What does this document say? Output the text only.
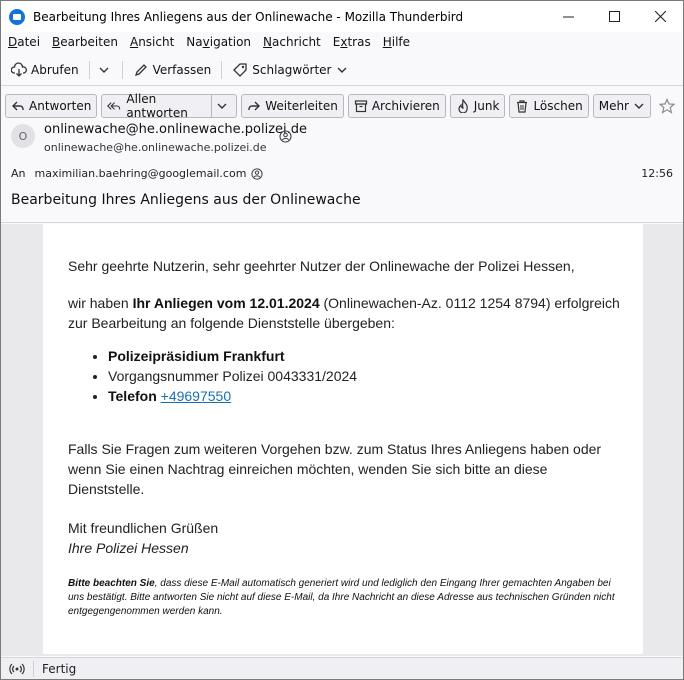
Bearbeitung Ihres Anliegens aus der Onlinewache - Mozilla Thunderbird
Datei Bearbeiten Ansicht Navigation Nachricht Extras Hilfe
Abrufen	Verfassen	Schlagwörter
Antworten	Allen antworten	Weiterleiten	Archivieren	Junk	Löschen Mehr
O	onlinewache@he.onlinewache.polizei.de
onlinewache@he.onlinewache.polizei.de
An maximilian.baehring@googlemail.com	12:56
Bearbeitung Ihres Anliegens aus der Onlinewache

Sehr geehrte Nutzerin, sehr geehrter Nutzer der Onlinewache der Polizei Hessen,

wir haben Ihr Anliegen vom 12.01.2024 (Onlinewachen-Az. 0112 1254 8794) erfolgreich zur Bearbeitung an folgende Dienststelle übergeben:

• Polizeipräsidium Frankfurt
• Vorgangsnummer Polizei 0043331/2024
• Telefon +49697550

Falls Sie Fragen zum weiteren Vorgehen bzw. zum Status Ihres Anliegens haben oder wenn Sie einen Nachtrag einreichen möchten, wenden Sie sich bitte an diese Dienststelle.

Mit freundlichen Grüßen

Ihre Polizei Hessen

Bitte beachten Sie, dass diese E-Mail automatisch generiert wird und lediglich den Eingang Ihrer gemachten Angaben bei uns bestätigt. Bitte antworten Sie nicht auf diese E-Mail, da Ihre Nachricht an diese Adresse aus technischen Gründen nicht entgegengenommen werden kann.

Fertig
